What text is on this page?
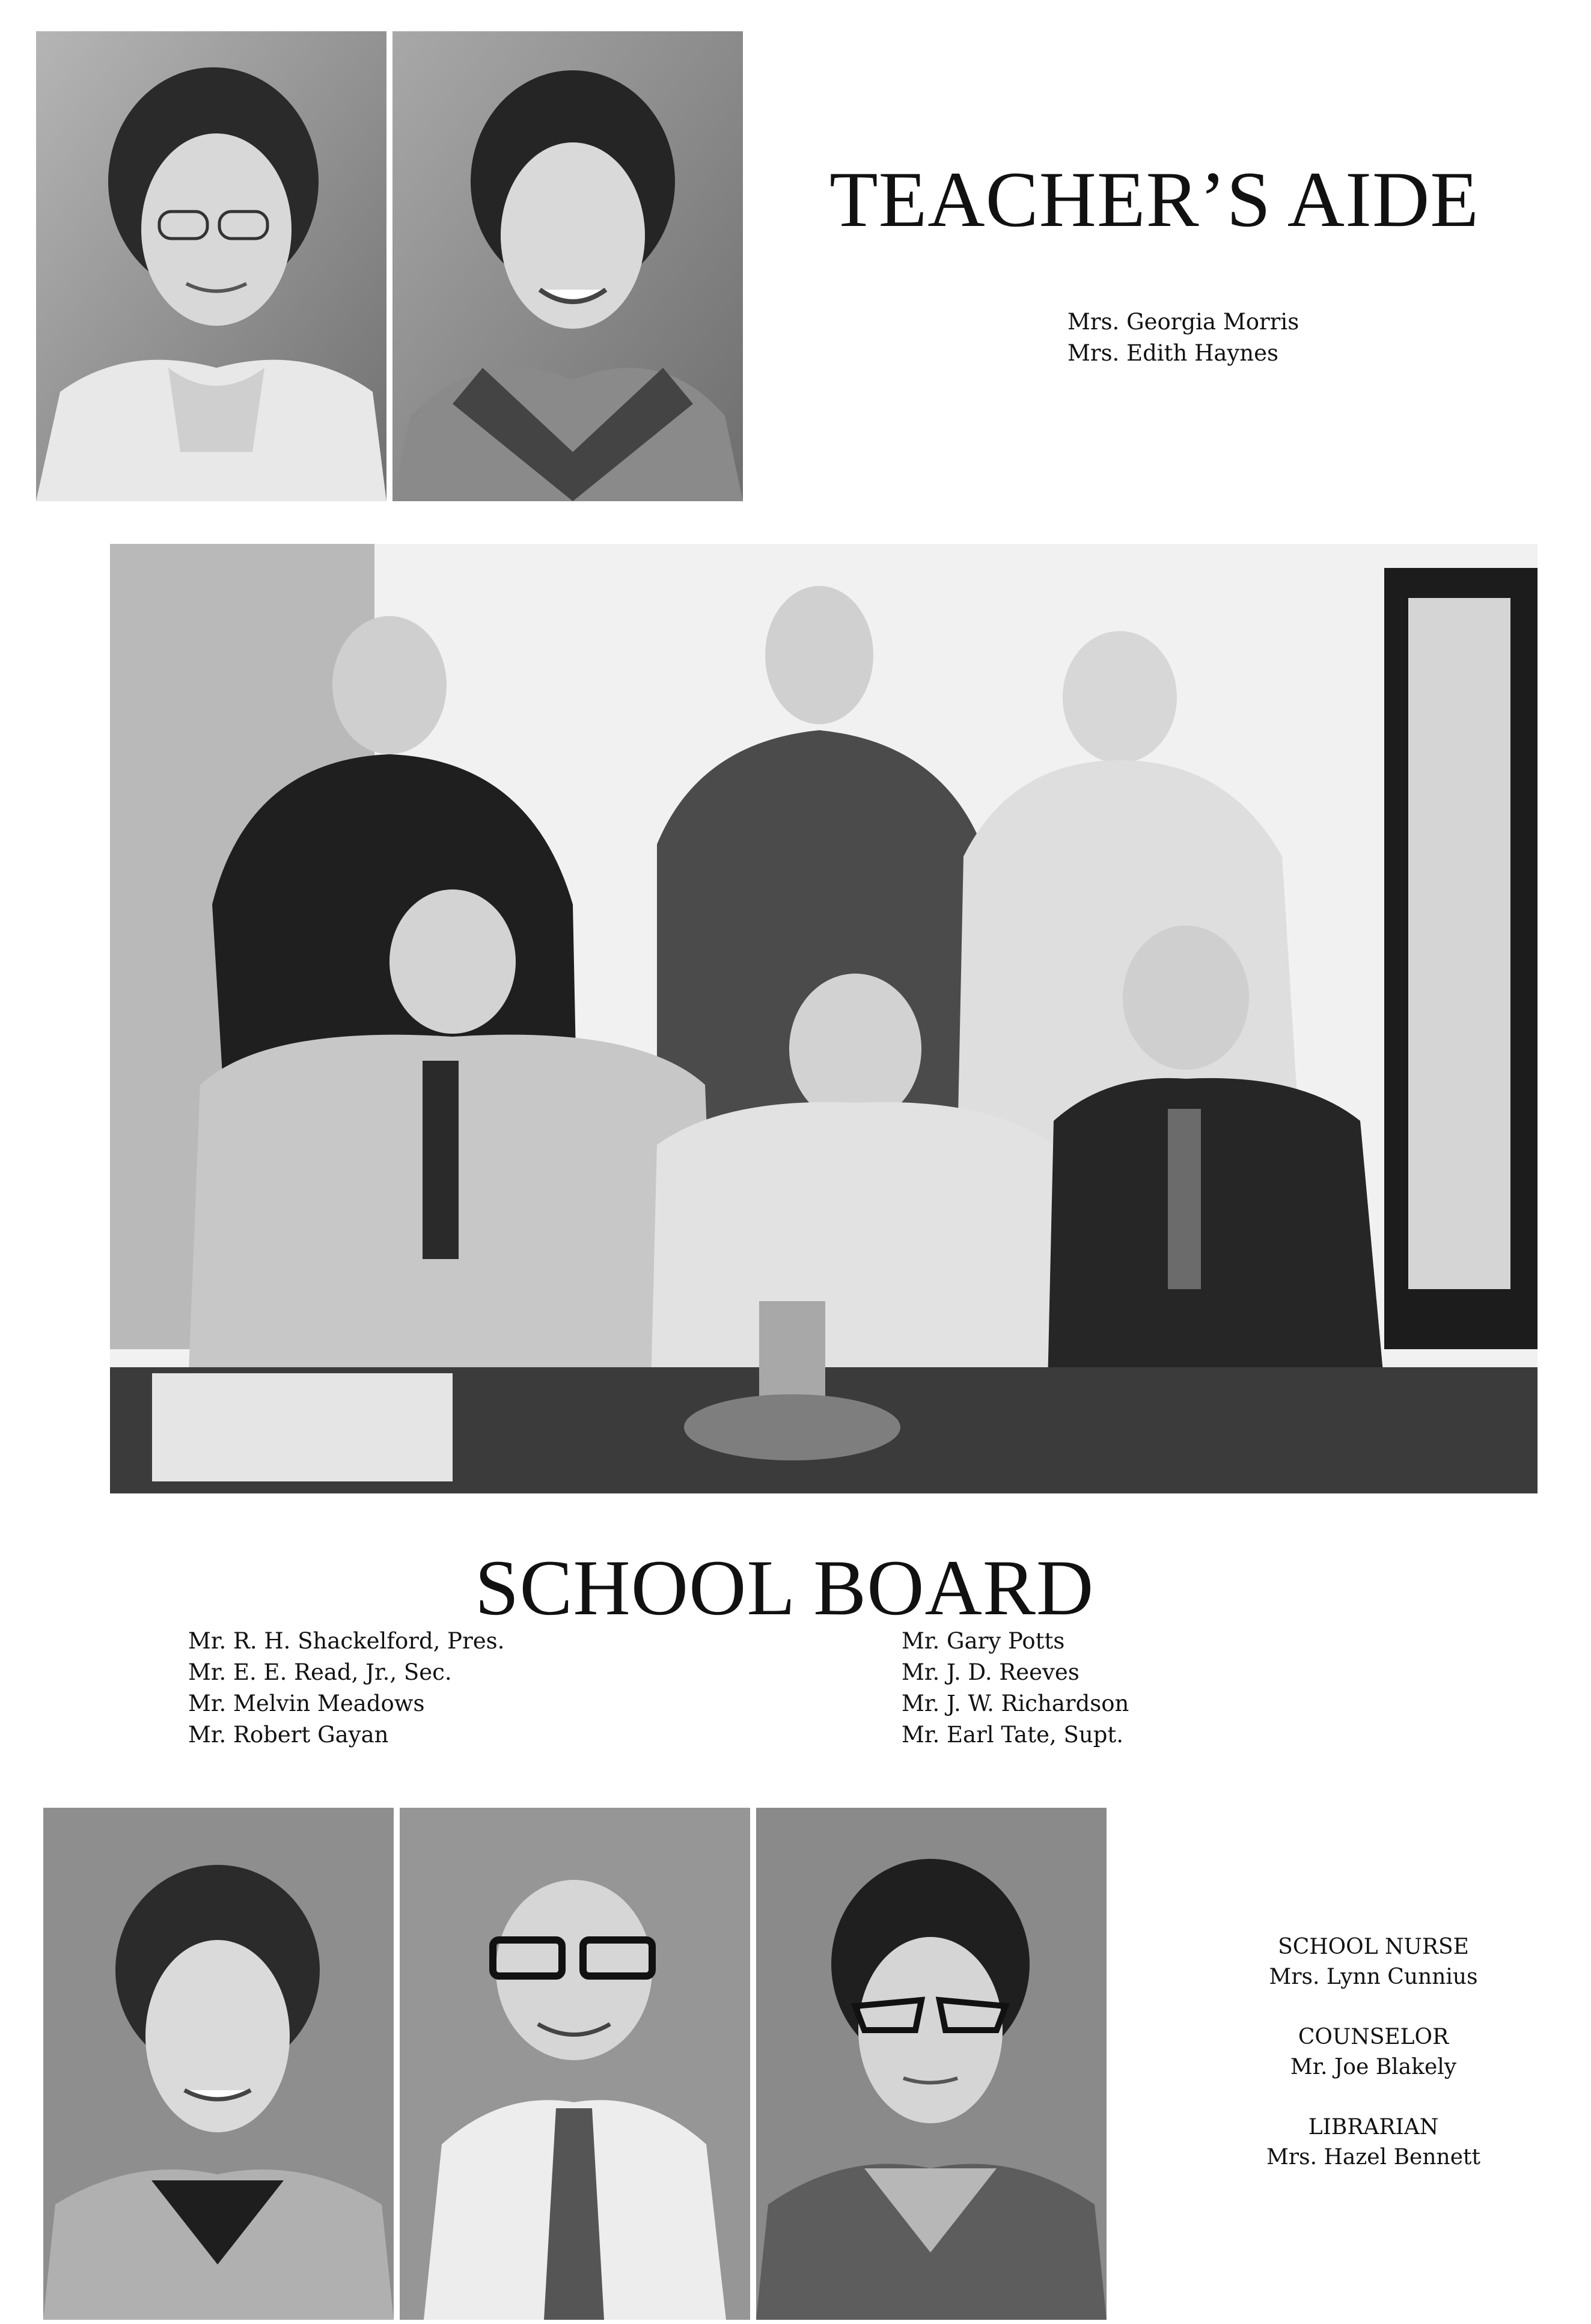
TEACHER’S AIDE
Mrs. Georgia Morris
Mrs. Edith Haynes
SCHOOL BOARD
Mr. R. H. Shackelford, Pres.
Mr. E. E. Read, Jr., Sec.
Mr. Melvin Meadows
Mr. Robert Gayan
Mr. Gary Potts
Mr. J. D. Reeves
Mr. J. W. Richardson
Mr. Earl Tate, Supt.
SCHOOL NURSE
Mrs. Lynn Cunnius
COUNSELOR
Mr. Joe Blakely
LIBRARIAN
Mrs. Hazel Bennett
